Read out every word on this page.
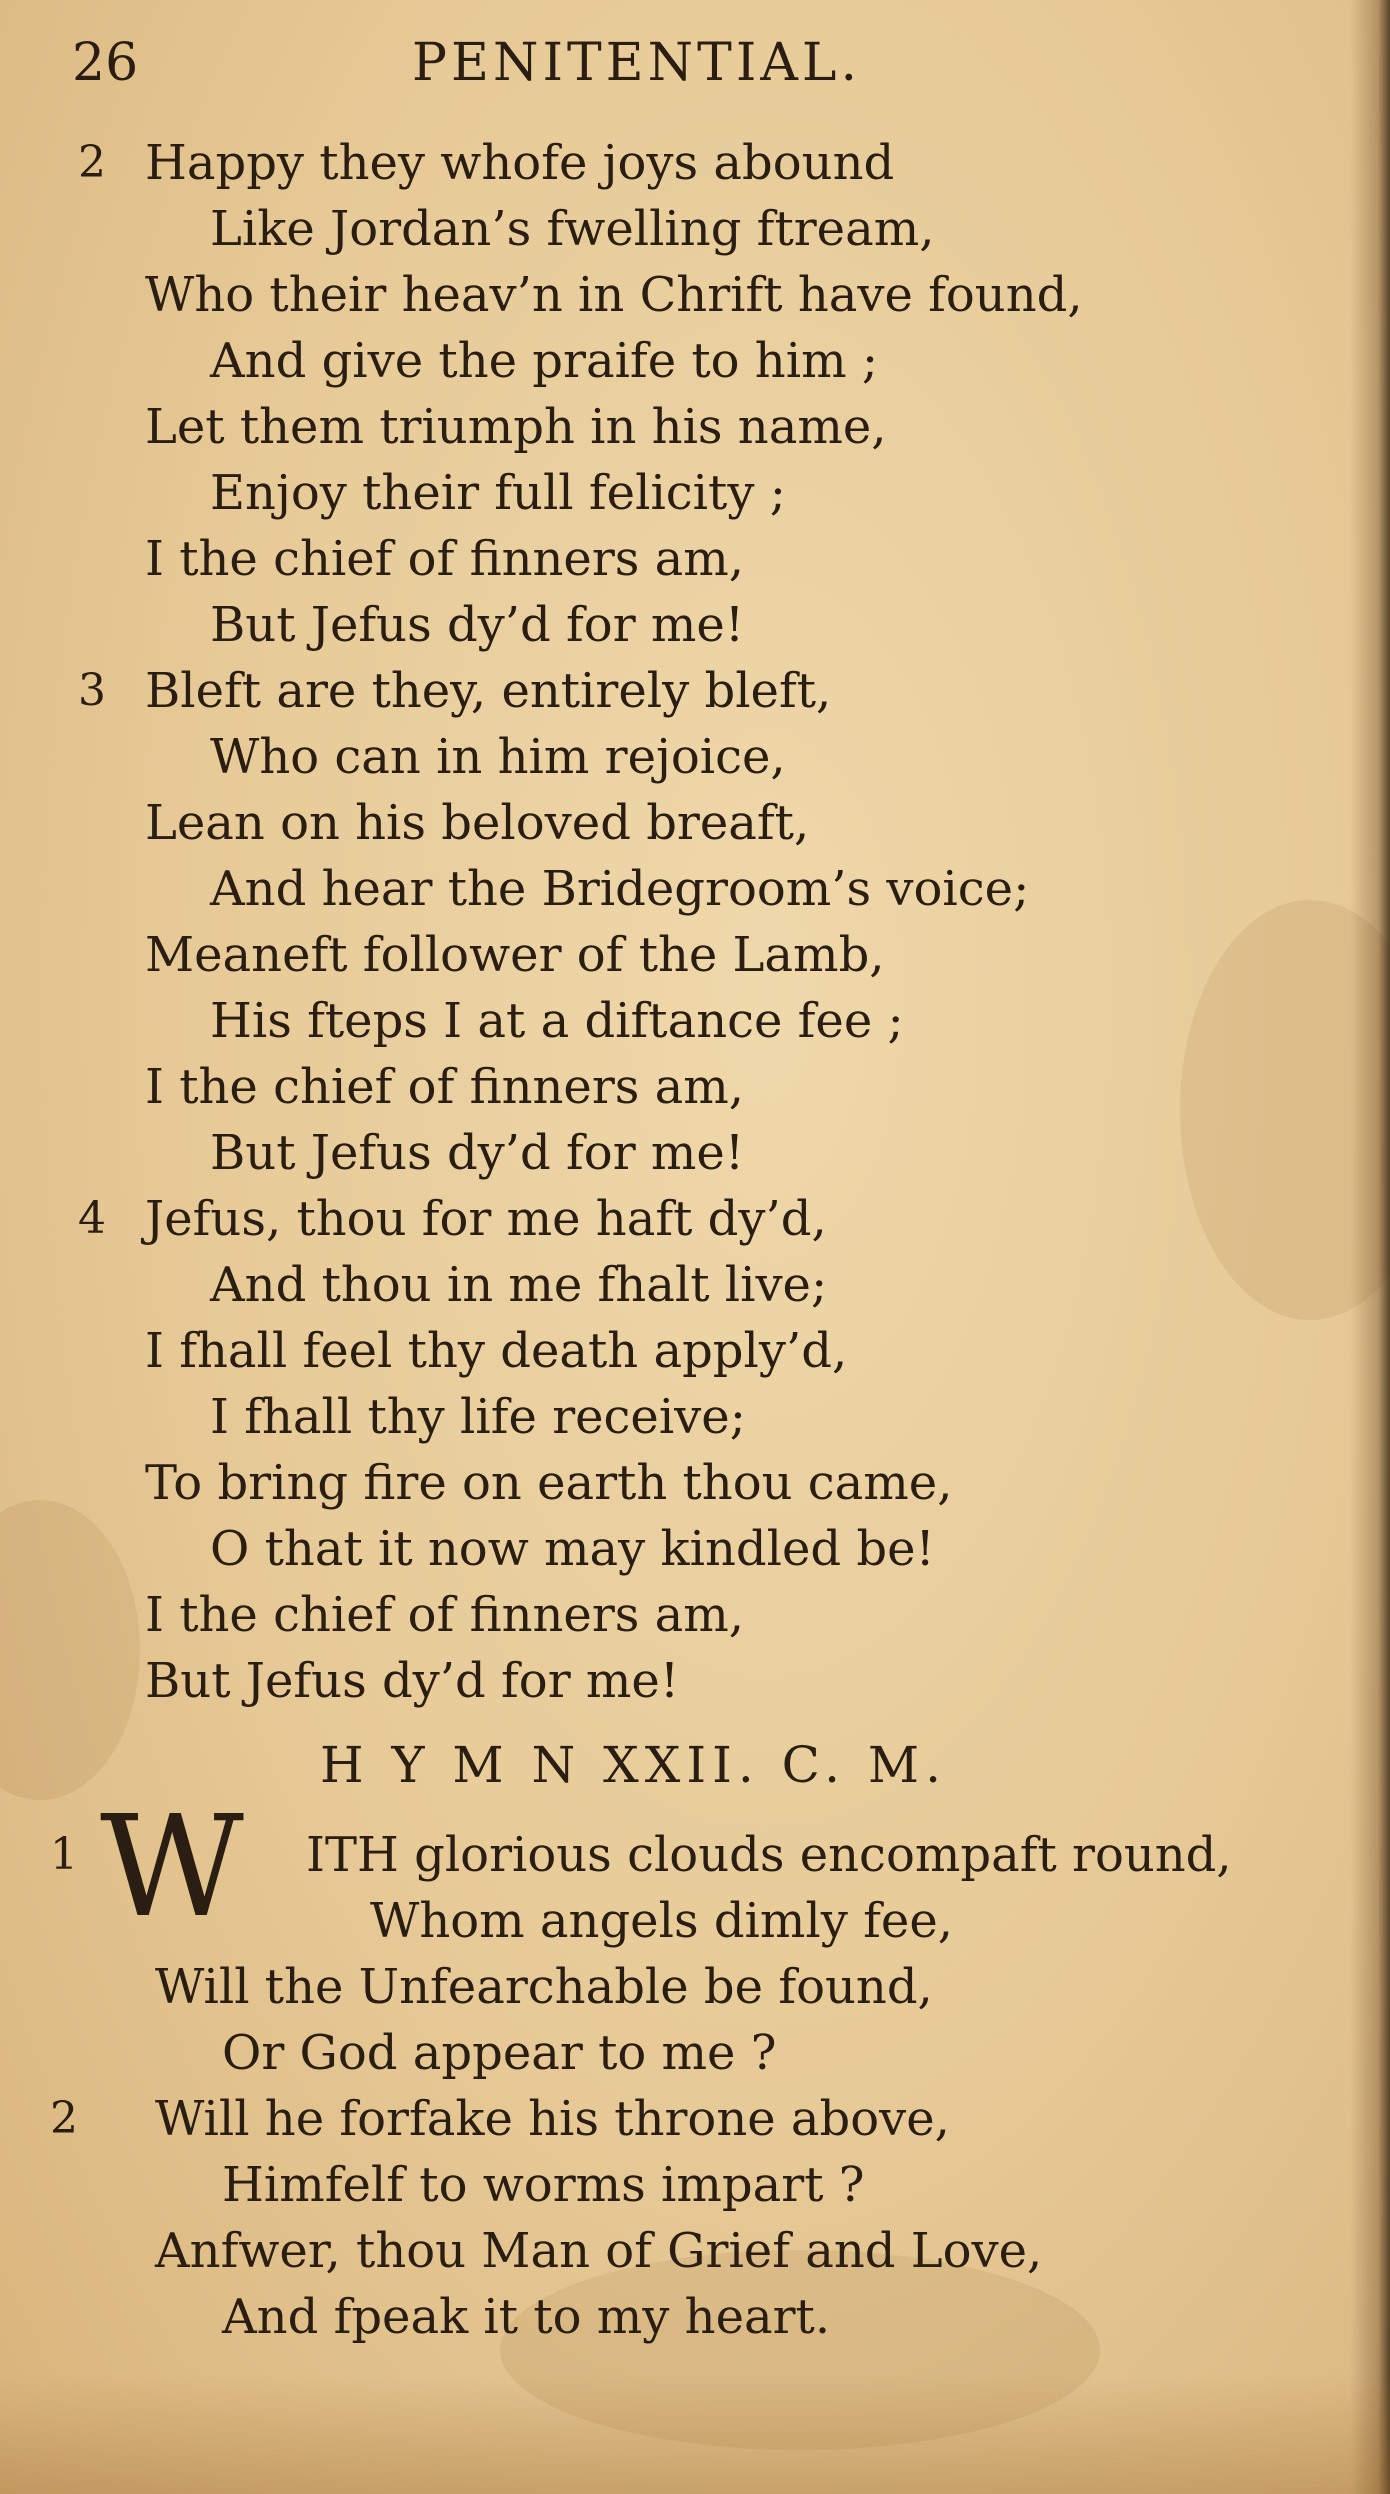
26	PENITENTIAL.
2 Happy they whofe joys abound
Like Jordan’s fwelling ftream,
Who their heav’n in Chrift have found,
And give the praife to him ;
Let them triumph in his name,
Enjoy their full felicity ;
I the chief of finners am,
But Jefus dy’d for me!
3 Bleft are they, entirely bleft,
Who can in him rejoice,
Lean on his beloved breaft,
And hear the Bridegroom’s voice;
Meaneft follower of the Lamb,
His fteps I at a diftance fee ;
I the chief of finners am,
But Jefus dy’d for me!
4 Jefus, thou for me haft dy’d,
And thou in me fhalt live;
I fhall feel thy death apply’d,
I fhall thy life receive;
To bring fire on earth thou came,
O that it now may kindled be!
I the chief of finners am,
But Jefus dy’d for me!
H Y M N XXII. C. M.
1 W ITH glorious clouds encompaft round,
Whom angels dimly fee,
Will the Unfearchable be found,
Or God appear to me ?
2 Will he forfake his throne above,
Himfelf to worms impart ?
Anfwer, thou Man of Grief and Love,
And fpeak it to my heart.
